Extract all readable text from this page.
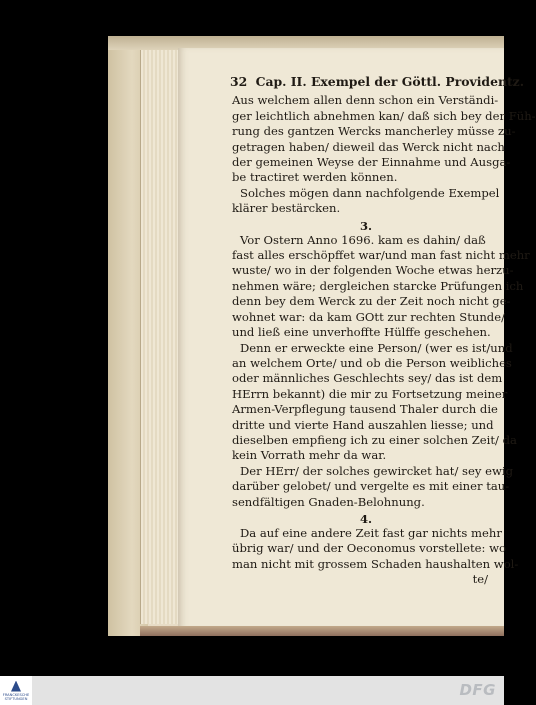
32 Cap. II. Exempel der Göttl. Providentz.
Aus welchem allen denn schon ein Verständi-
ger leichtlich abnehmen kan/ daß sich bey der Füh-
rung des gantzen Wercks mancherley müsse zu-
getragen haben/ dieweil das Werck nicht nach
der gemeinen Weyse der Einnahme und Ausga-
be tractiret werden können.
Solches mögen dann nachfolgende Exempel
klärer bestärcken.
3.
Vor Ostern Anno 1696. kam es dahin/ daß
fast alles erschöpffet war/und man fast nicht mehr
wuste/ wo in der folgenden Woche etwas herzu-
nehmen wäre; dergleichen starcke Prüfungen ich
denn bey dem Werck zu der Zeit noch nicht ge-
wohnet war: da kam GOtt zur rechten Stunde/
und ließ eine unverhoffte Hülffe geschehen.
Denn er erweckte eine Person/ (wer es ist/und
an welchem Orte/ und ob die Person weibliches
oder männliches Geschlechts sey/ das ist dem
HErrn bekannt) die mir zu Fortsetzung meiner
Armen-Verpflegung tausend Thaler durch die
dritte und vierte Hand auszahlen liesse; und
dieselben empfieng ich zu einer solchen Zeit/ da
kein Vorrath mehr da war.
Der HErr/ der solches gewircket hat/ sey ewig
darüber gelobet/ und vergelte es mit einer tau-
sendfältigen Gnaden-Belohnung.
4.
Da auf eine andere Zeit fast gar nichts mehr
übrig war/ und der Oeconomus vorstellete: wo
man nicht mit grossem Schaden haushalten wol-
te/
FRANCKESCHE STIFTUNGEN	DFG
